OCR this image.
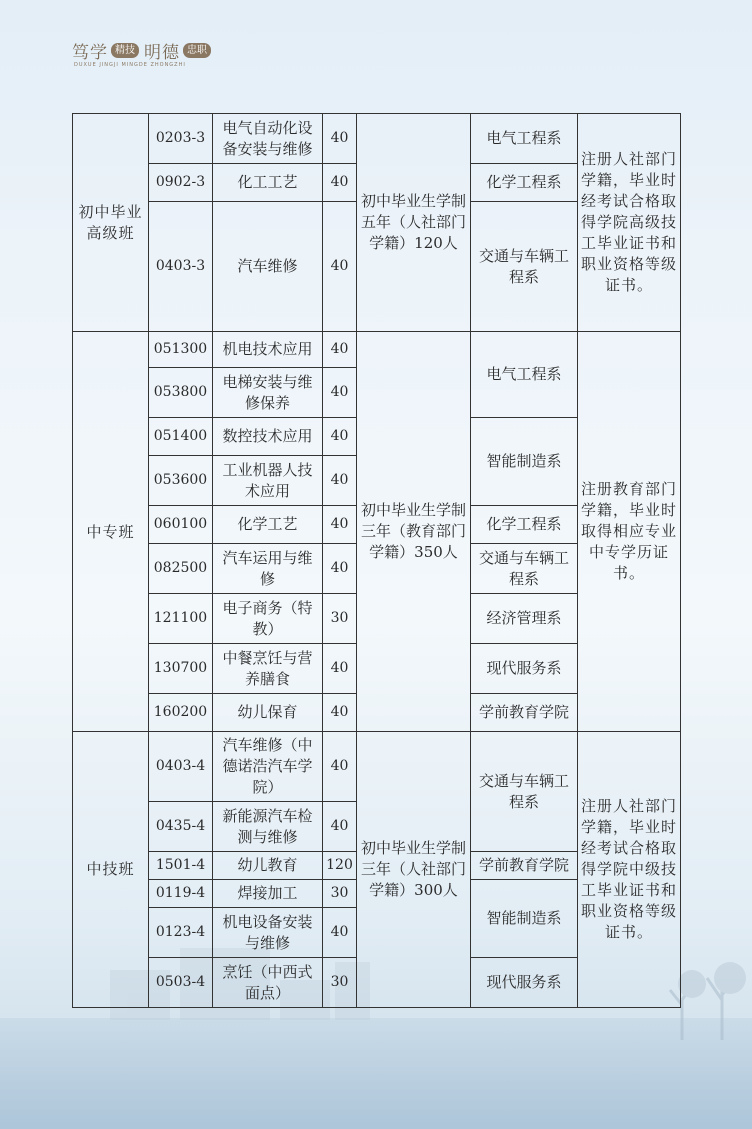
笃学 精技 明德 忠职
DUXUE JINGJI MINGDE ZHONGZHI
初中毕业高级班	0203-3	电气自动化设备安装与维修	40	初中毕业生学制五年（人社部门学籍）120人	电气工程系	注册人社部门学籍，毕业时经考试合格取得学院高级技工毕业证书和职业资格等级证书。
	0902-3	化工工艺	40		化学工程系	
	0403-3	汽车维修	40		交通与车辆工程系	
中专班	051300	机电技术应用	40	初中毕业生学制三年（教育部门学籍）350人	电气工程系	注册教育部门学籍，毕业时取得相应专业中专学历证书。
	053800	电梯安装与维修保养	40			
	051400	数控技术应用	40		智能制造系	
	053600	工业机器人技术应用	40			
	060100	化学工艺	40		化学工程系	
	082500	汽车运用与维修	40		交通与车辆工程系	
	121100	电子商务（特教）	30		经济管理系	
	130700	中餐烹饪与营养膳食	40		现代服务系	
	160200	幼儿保育	40		学前教育学院	
中技班	0403-4	汽车维修（中德诺浩汽车学院）	40	初中毕业生学制三年（人社部门学籍）300人	交通与车辆工程系	注册人社部门学籍，毕业时经考试合格取得学院中级技工毕业证书和职业资格等级证书。
	0435-4	新能源汽车检测与维修	40			
	1501-4	幼儿教育	120		学前教育学院	
	0119-4	焊接加工	30		智能制造系	
	0123-4	机电设备安装与维修	40			
	0503-4	烹饪（中西式面点）	30		现代服务系	
